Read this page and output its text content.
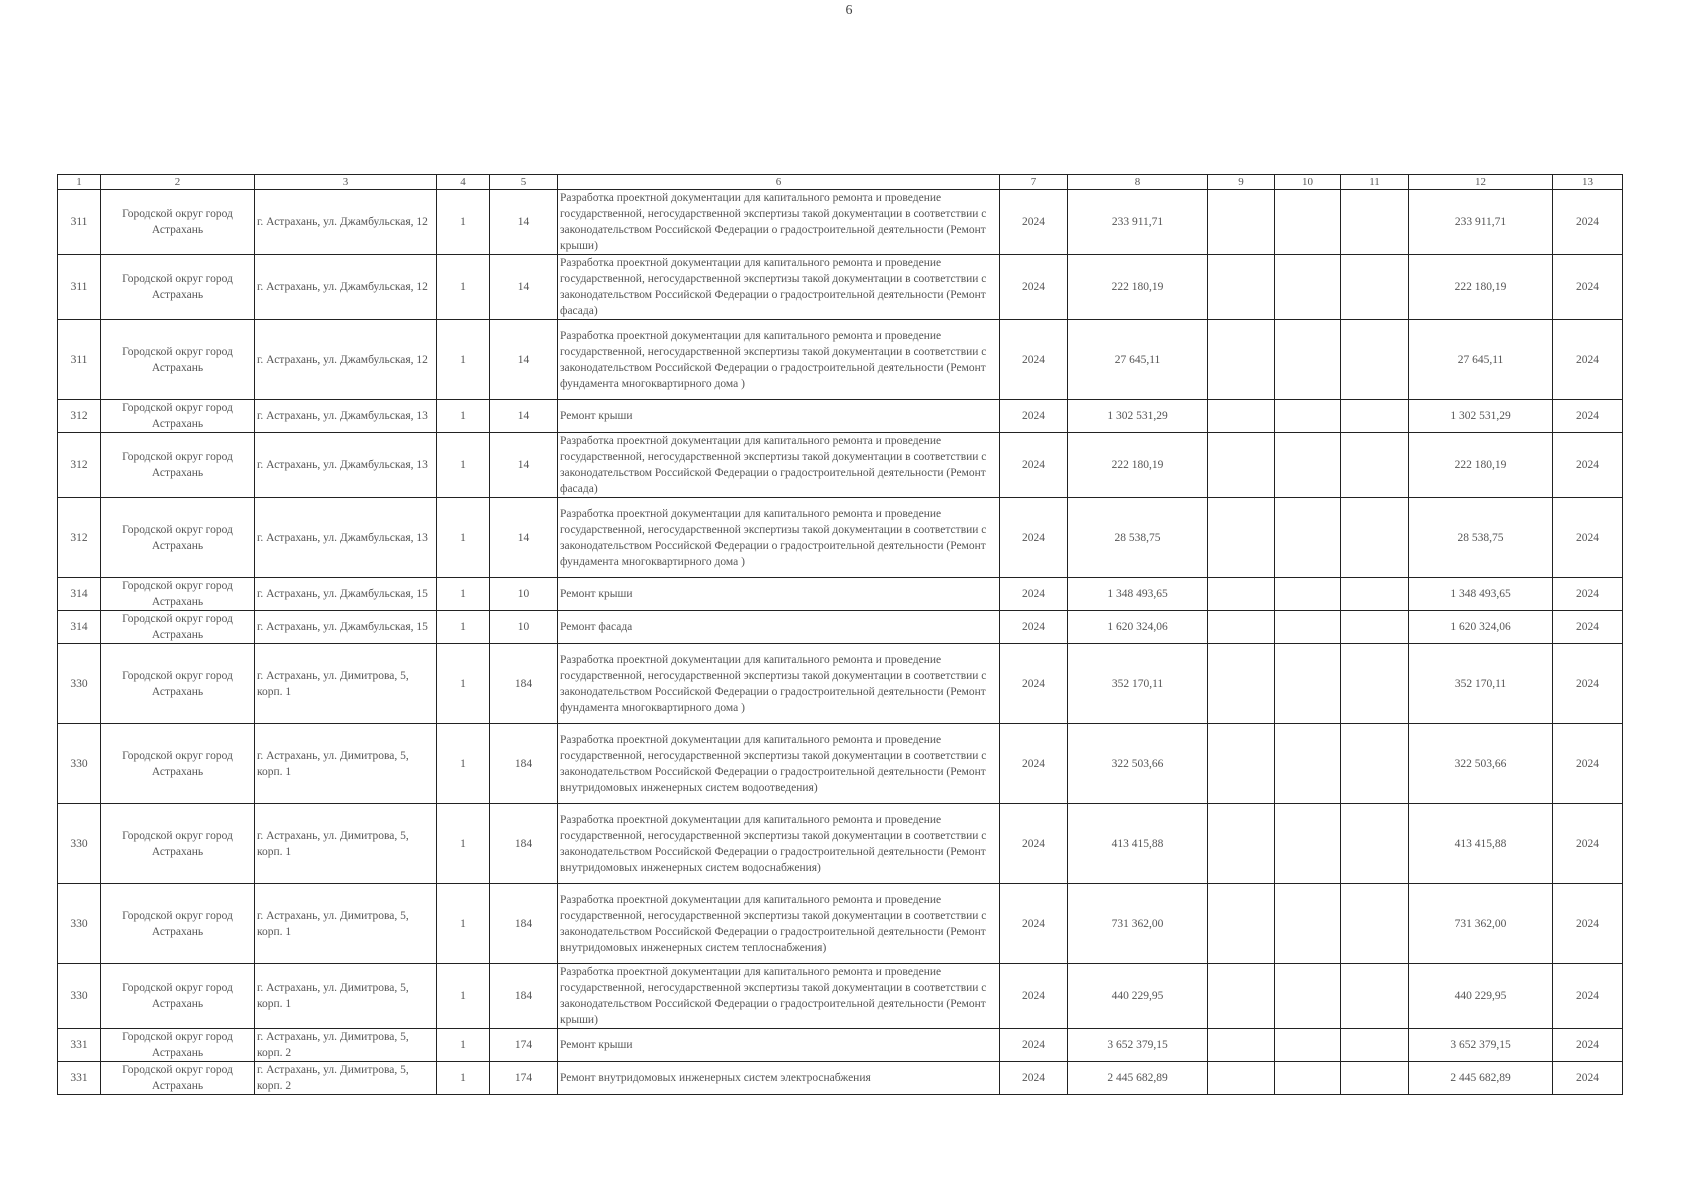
6
1	2	3	4	5	6	7	8	9	10	11	12	13
311	Городской округ город Астрахань	г. Астрахань, ул. Джамбульская, 12	1	14	Разработка проектной документации для капитального ремонта и проведение государственной, негосударственной экспертизы такой документации в соответствии с законодательством Российской Федерации о градостроительной деятельности (Ремонт крыши)	2024	233 911,71				233 911,71	2024
311	Городской округ город Астрахань	г. Астрахань, ул. Джамбульская, 12	1	14	Разработка проектной документации для капитального ремонта и проведение государственной, негосударственной экспертизы такой документации в соответствии с законодательством Российской Федерации о градостроительной деятельности (Ремонт фасада)	2024	222 180,19				222 180,19	2024
311	Городской округ город Астрахань	г. Астрахань, ул. Джамбульская, 12	1	14	Разработка проектной документации для капитального ремонта и проведение государственной, негосударственной экспертизы такой документации в соответствии с законодательством Российской Федерации о градостроительной деятельности (Ремонт фундамента многоквартирного дома )	2024	27 645,11				27 645,11	2024
312	Городской округ город Астрахань	г. Астрахань, ул. Джамбульская, 13	1	14	Ремонт крыши	2024	1 302 531,29				1 302 531,29	2024
312	Городской округ город Астрахань	г. Астрахань, ул. Джамбульская, 13	1	14	Разработка проектной документации для капитального ремонта и проведение государственной, негосударственной экспертизы такой документации в соответствии с законодательством Российской Федерации о градостроительной деятельности (Ремонт фасада)	2024	222 180,19				222 180,19	2024
312	Городской округ город Астрахань	г. Астрахань, ул. Джамбульская, 13	1	14	Разработка проектной документации для капитального ремонта и проведение государственной, негосударственной экспертизы такой документации в соответствии с законодательством Российской Федерации о градостроительной деятельности (Ремонт фундамента многоквартирного дома )	2024	28 538,75				28 538,75	2024
314	Городской округ город Астрахань	г. Астрахань, ул. Джамбульская, 15	1	10	Ремонт крыши	2024	1 348 493,65				1 348 493,65	2024
314	Городской округ город Астрахань	г. Астрахань, ул. Джамбульская, 15	1	10	Ремонт фасада	2024	1 620 324,06				1 620 324,06	2024
330	Городской округ город Астрахань	г. Астрахань, ул. Димитрова, 5, корп. 1	1	184	Разработка проектной документации для капитального ремонта и проведение государственной, негосударственной экспертизы такой документации в соответствии с законодательством Российской Федерации о градостроительной деятельности (Ремонт фундамента многоквартирного дома )	2024	352 170,11				352 170,11	2024
330	Городской округ город Астрахань	г. Астрахань, ул. Димитрова, 5, корп. 1	1	184	Разработка проектной документации для капитального ремонта и проведение государственной, негосударственной экспертизы такой документации в соответствии с законодательством Российской Федерации о градостроительной деятельности (Ремонт внутридомовых инженерных систем водоотведения)	2024	322 503,66				322 503,66	2024
330	Городской округ город Астрахань	г. Астрахань, ул. Димитрова, 5, корп. 1	1	184	Разработка проектной документации для капитального ремонта и проведение государственной, негосударственной экспертизы такой документации в соответствии с законодательством Российской Федерации о градостроительной деятельности (Ремонт внутридомовых инженерных систем водоснабжения)	2024	413 415,88				413 415,88	2024
330	Городской округ город Астрахань	г. Астрахань, ул. Димитрова, 5, корп. 1	1	184	Разработка проектной документации для капитального ремонта и проведение государственной, негосударственной экспертизы такой документации в соответствии с законодательством Российской Федерации о градостроительной деятельности (Ремонт внутридомовых инженерных систем теплоснабжения)	2024	731 362,00				731 362,00	2024
330	Городской округ город Астрахань	г. Астрахань, ул. Димитрова, 5, корп. 1	1	184	Разработка проектной документации для капитального ремонта и проведение государственной, негосударственной экспертизы такой документации в соответствии с законодательством Российской Федерации о градостроительной деятельности (Ремонт крыши)	2024	440 229,95				440 229,95	2024
331	Городской округ город Астрахань	г. Астрахань, ул. Димитрова, 5, корп. 2	1	174	Ремонт крыши	2024	3 652 379,15				3 652 379,15	2024
331	Городской округ город Астрахань	г. Астрахань, ул. Димитрова, 5, корп. 2	1	174	Ремонт внутридомовых инженерных систем электроснабжения	2024	2 445 682,89				2 445 682,89	2024
